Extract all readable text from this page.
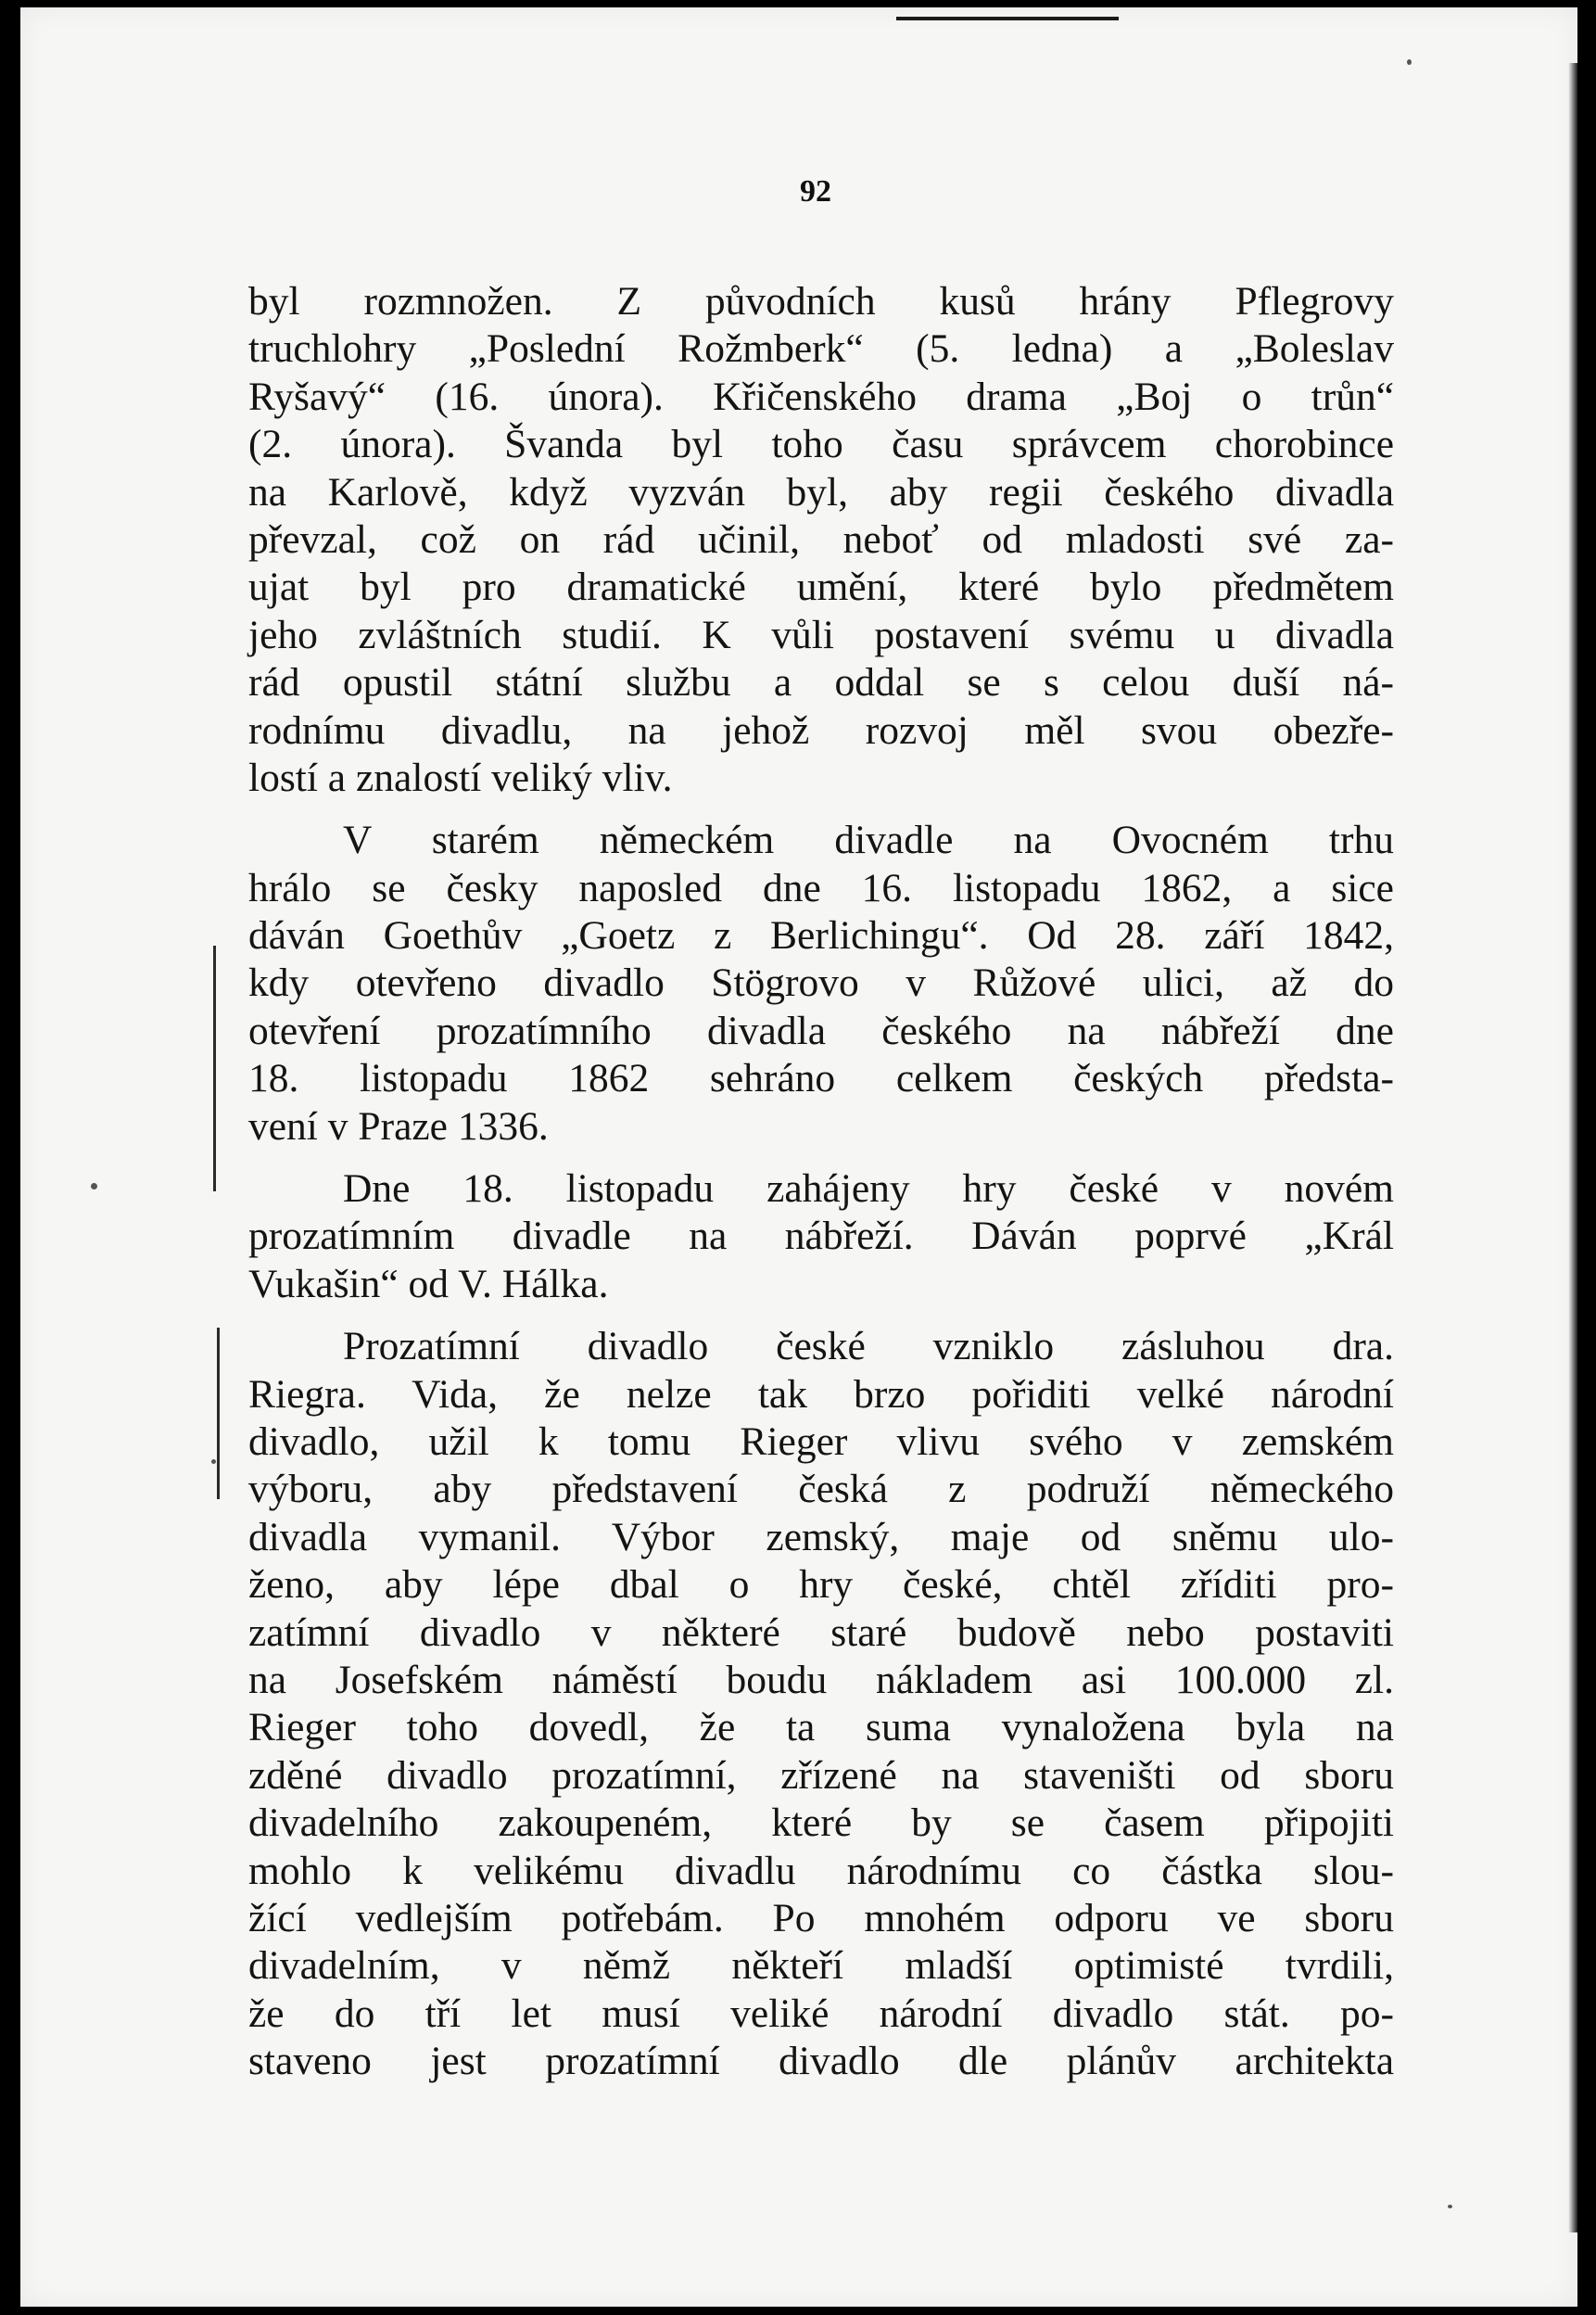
92
byl rozmnožen. Z původních kusů hrány Pflegrovy
truchlohry „Poslední Rožmberk“ (5. ledna) a „Boleslav
Ryšavý“ (16. února). Křičenského drama „Boj o trůn“
(2. února). Švanda byl toho času správcem chorobince
na Karlově, když vyzván byl, aby regii českého divadla
převzal, což on rád učinil, neboť od mladosti své za-
ujat byl pro dramatické umění, které bylo předmětem
jeho zvláštních studií. K vůli postavení svému u divadla
rád opustil státní službu a oddal se s celou duší ná-
rodnímu divadlu, na jehož rozvoj měl svou obezře-
lostí a znalostí veliký vliv.
V starém německém divadle na Ovocném trhu
hrálo se česky naposled dne 16. listopadu 1862, a sice
dáván Goethův „Goetz z Berlichingu“. Od 28. září 1842,
kdy otevřeno divadlo Stögrovo v Růžové ulici, až do
otevření prozatímního divadla českého na nábřeží dne
18. listopadu 1862 sehráno celkem českých předsta-
vení v Praze 1336.
Dne 18. listopadu zahájeny hry české v novém
prozatímním divadle na nábřeží. Dáván poprvé „Král
Vukašin“ od V. Hálka.
Prozatímní divadlo české vzniklo zásluhou dra.
Riegra. Vida, že nelze tak brzo pořiditi velké národní
divadlo, užil k tomu Rieger vlivu svého v zemském
výboru, aby představení česká z podruží německého
divadla vymanil. Výbor zemský, maje od sněmu ulo-
ženo, aby lépe dbal o hry české, chtěl zříditi pro-
zatímní divadlo v některé staré budově nebo postaviti
na Josefském náměstí boudu nákladem asi 100.000 zl.
Rieger toho dovedl, že ta suma vynaložena byla na
zděné divadlo prozatímní, zřízené na staveništi od sboru
divadelního zakoupeném, které by se časem připojiti
mohlo k velikému divadlu národnímu co částka slou-
žící vedlejším potřebám. Po mnohém odporu ve sboru
divadelním, v němž někteří mladší optimisté tvrdili,
že do tří let musí veliké národní divadlo stát. po-
staveno jest prozatímní divadlo dle plánův architekta
